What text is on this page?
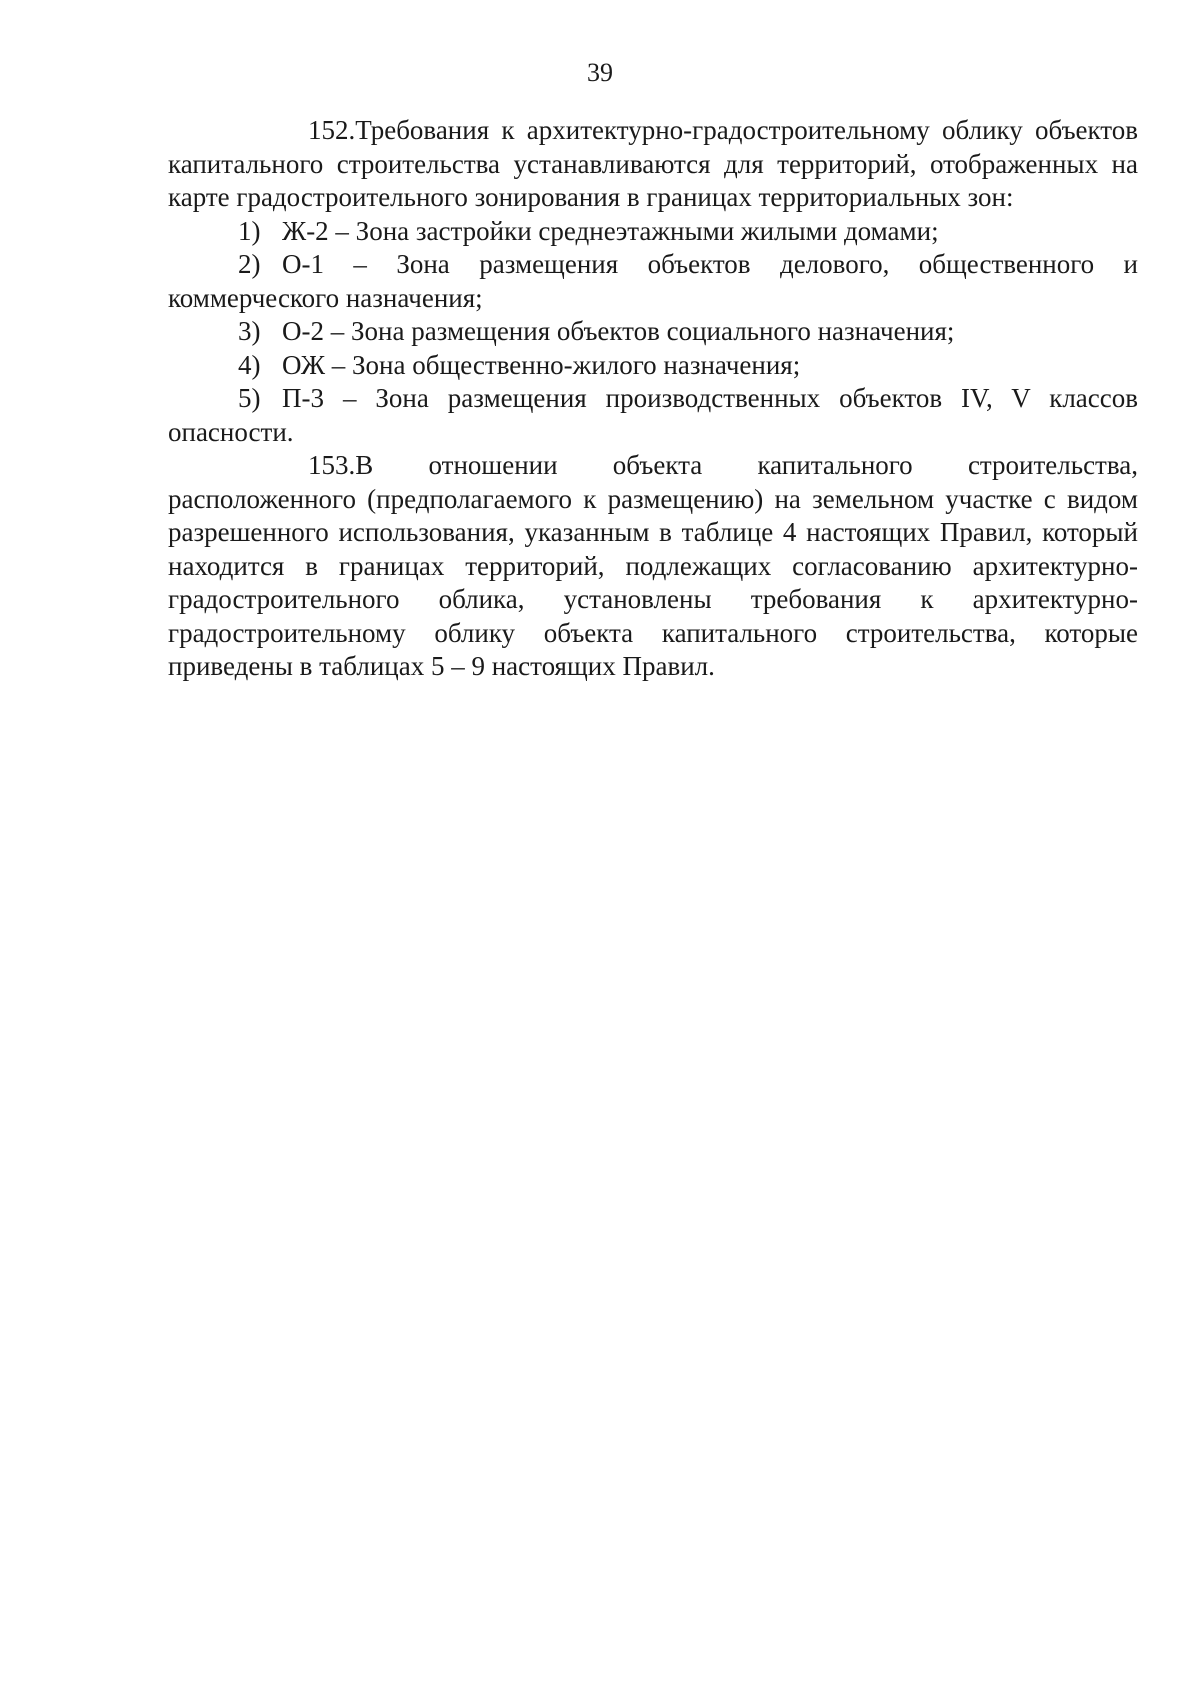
39

152.Требования к архитектурно-градостроительному облику объектов капитального строительства устанавливаются для территорий, отображенных на карте градостроительного зонирования в границах территориальных зон:

1) Ж-2 – Зона застройки среднеэтажными жилыми домами;

2) О-1 – Зона размещения объектов делового, общественного и коммерческого назначения;

3) О-2 – Зона размещения объектов социального назначения;

4) ОЖ – Зона общественно-жилого назначения;

5) П-3 – Зона размещения производственных объектов IV, V классов опасности.

153.В отношении объекта капитального строительства, расположенного (предполагаемого к размещению) на земельном участке с видом разрешенного использования, указанным в таблице 4 настоящих Правил, который находится в границах территорий, подлежащих согласованию архитектурно-градостроительного облика, установлены требования к архитектурно-градостроительному облику объекта капитального строительства, которые приведены в таблицах 5 – 9 настоящих Правил.
